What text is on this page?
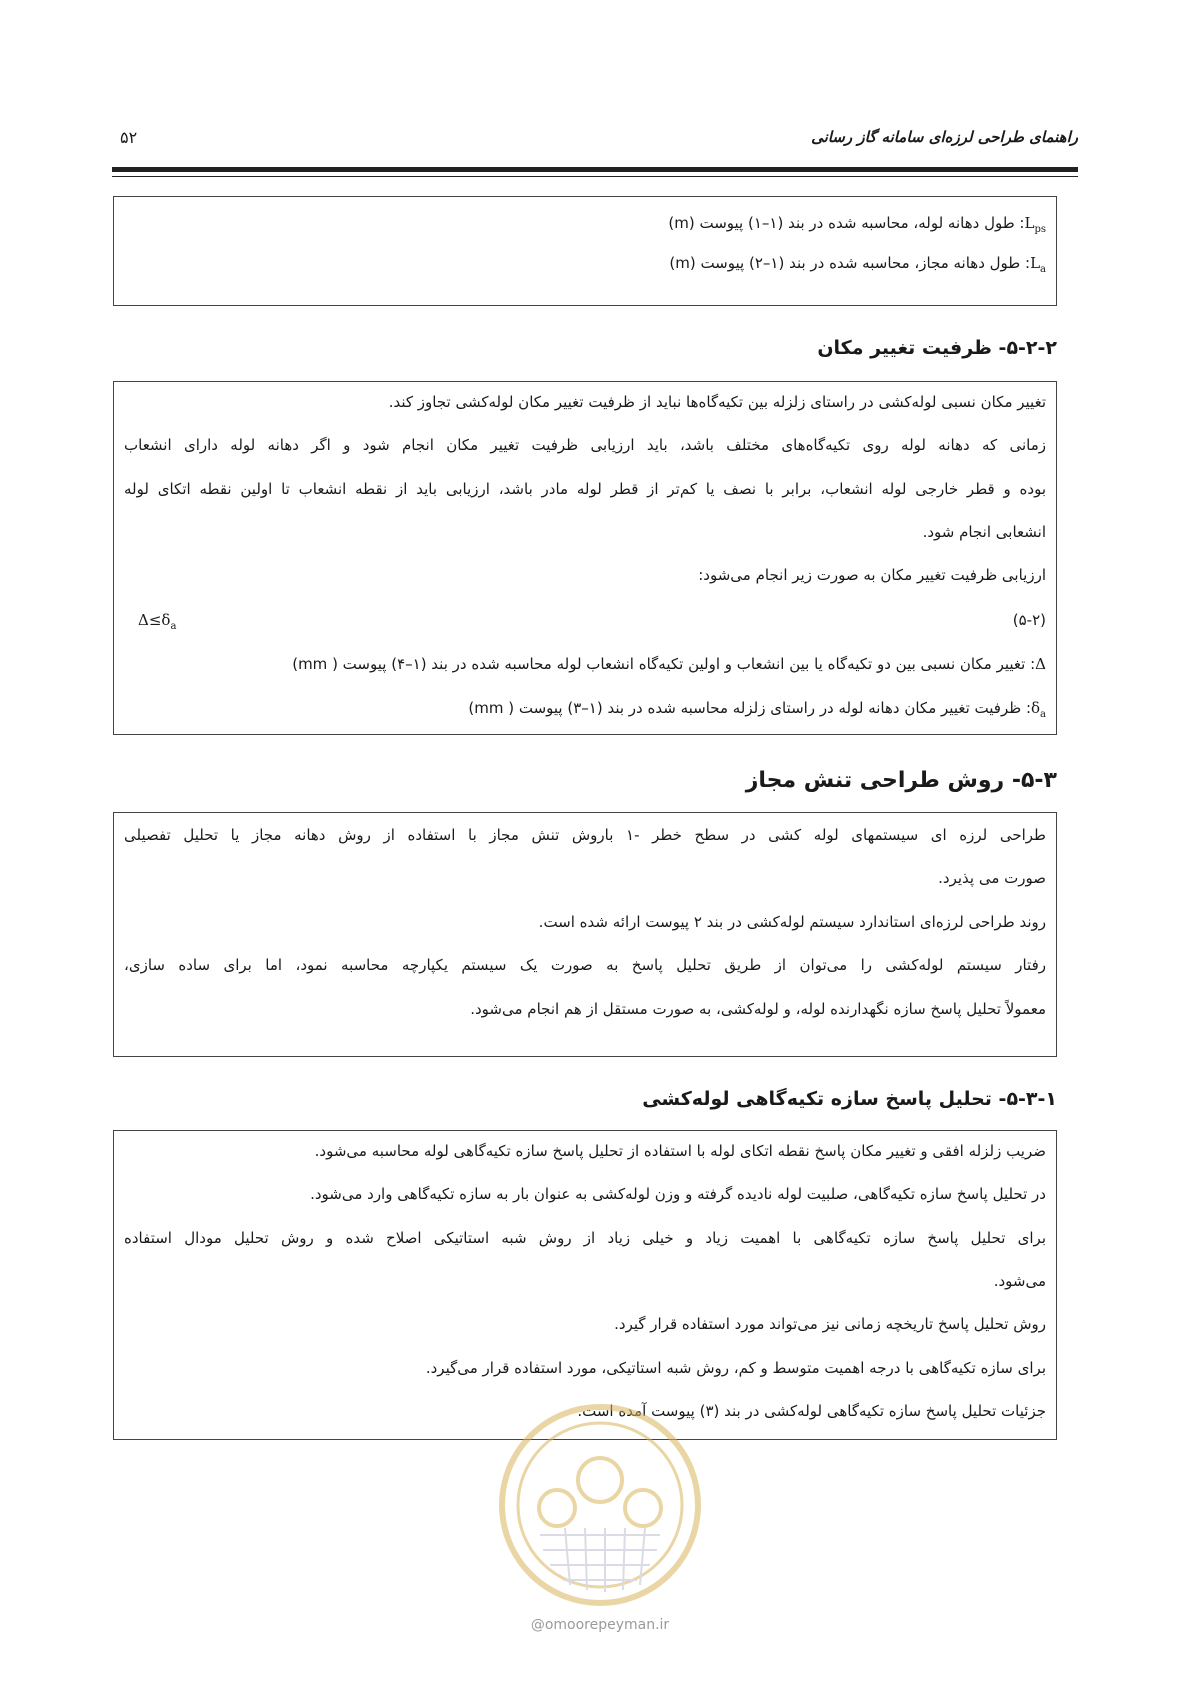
راهنمای طراحی لرزه‌ای سامانه گاز رسانی
۵۲
$L_{ps}$: طول دهانه لوله، محاسبه شده در بند (۱–۱) پیوست (m)
$L_a$: طول دهانه مجاز، محاسبه شده در بند (۱–۲) پیوست (m)
۵-۲-۲- ظرفیت تغییر مکان
تغییر مکان نسبی لوله‌کشی در راستای زلزله بین تکیه‌گاه‌ها نباید از ظرفیت تغییر مکان لوله‌کشی تجاوز کند.
زمانی که دهانه لوله روی تکیه‌گاه‌های مختلف باشد، باید ارزیابی ظرفیت تغییر مکان انجام شود و اگر دهانه لوله دارای انشعاب
بوده و قطر خارجی لوله انشعاب، برابر با نصف یا کم‌تر از قطر لوله مادر باشد، ارزیابی باید از نقطه انشعاب تا اولین نقطه اتکای لوله
انشعابی انجام شود.
ارزیابی ظرفیت تغییر مکان به صورت زیر انجام می‌شود:
(۵-۲)
$\Delta\le\delta_a$
Δ: تغییر مکان نسبی بین دو تکیه‌گاه یا بین انشعاب و اولین تکیه‌گاه انشعاب لوله محاسبه شده در بند (۱–۴) پیوست ( mm)
$\delta_a$: ظرفیت تغییر مکان دهانه لوله در راستای زلزله محاسبه شده در بند (۱–۳) پیوست ( mm)
۵-۳- روش طراحی تنش مجاز
طراحی لرزه ای سیستمهای لوله کشی در سطح خطر -۱ باروش تنش مجاز با استفاده از روش دهانه مجاز یا تحلیل تفصیلی
صورت می پذیرد.
روند طراحی لرزه‌ای استاندارد سیستم لوله‌کشی در بند ۲ پیوست ارائه شده است.
رفتار سیستم لوله‌کشی را می‌توان از طریق تحلیل پاسخ به صورت یک سیستم یکپارچه محاسبه نمود، اما برای ساده سازی،
معمولاً تحلیل پاسخ سازه نگهدارنده لوله، و لوله‌کشی، به صورت مستقل از هم انجام می‌شود.
۵-۳-۱- تحلیل پاسخ سازه تکیه‌گاهی لوله‌کشی
ضریب زلزله افقی و تغییر مکان پاسخ نقطه اتکای لوله با استفاده از تحلیل پاسخ سازه تکیه‌گاهی لوله محاسبه می‌شود.
در تحلیل پاسخ سازه تکیه‌گاهی، صلبیت لوله نادیده گرفته و وزن لوله‌کشی به عنوان بار به سازه تکیه‌گاهی وارد می‌شود.
برای تحلیل پاسخ سازه تکیه‌گاهی با اهمیت زیاد و خیلی زیاد از روش شبه استاتیکی اصلاح شده و روش تحلیل مودال استفاده
می‌شود.
روش تحلیل پاسخ تاریخچه زمانی نیز می‌تواند مورد استفاده قرار گیرد.
برای سازه تکیه‌گاهی با درجه اهمیت متوسط و کم، روش شبه استاتیکی، مورد استفاده قرار می‌گیرد.
جزئیات تحلیل پاسخ سازه تکیه‌گاهی لوله‌کشی در بند (۳) پیوست آمده است.
@omoorepeyman.ir
